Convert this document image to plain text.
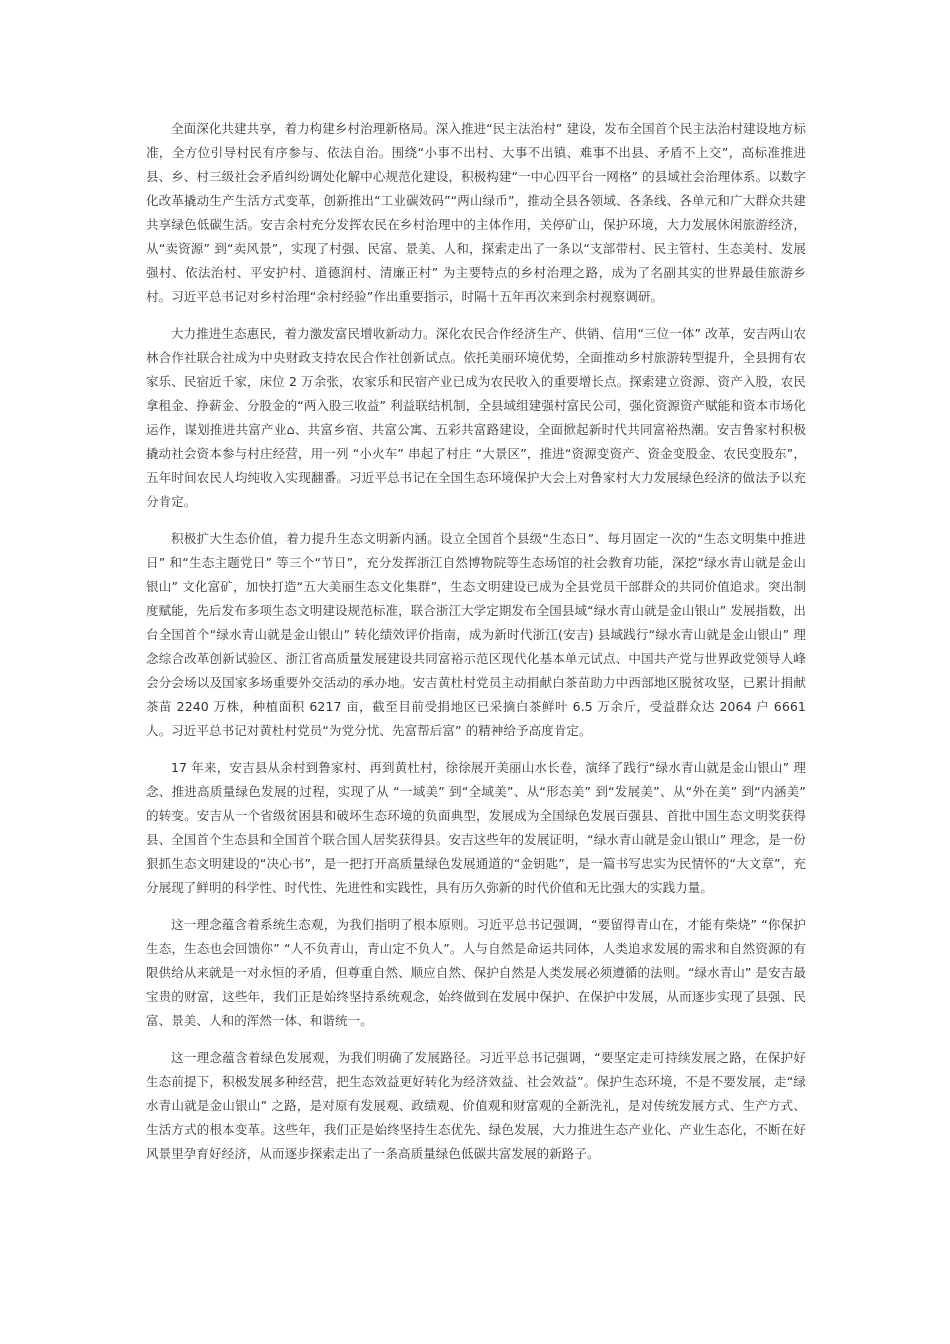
全面深化共建共享，着力构建乡村治理新格局。深入推进“民主法治村” 建设，发布全国首个民主法治村建设地方标准，全方位引导村民有序参与、依法自治。围绕“小事不出村、大事不出镇、难事不出县、矛盾不上交”，高标准推进县、乡、村三级社会矛盾纠纷调处化解中心规范化建设，积极构建“一中心四平台一网格” 的县域社会治理体系。以数字化改革撬动生产生活方式变革，创新推出“工业碳效码”“两山绿币”，推动全县各领域、各条线、各单元和广大群众共建共享绿色低碳生活。安吉余村充分发挥农民在乡村治理中的主体作用，关停矿山，保护环境，大力发展休闲旅游经济， 从“卖资源” 到“卖风景”，实现了村强、民富、景美、人和，探索走出了一条以“支部带村、民主管村、生态美村、发展强村、依法治村、平安护村、道德润村、清廉正村” 为主要特点的乡村治理之路，成为了名副其实的世界最佳旅游乡村。习近平总书记对乡村治理“余村经验”作出重要指示，时隔十五年再次来到余村视察调研。

大力推进生态惠民，着力激发富民增收新动力。深化农民合作经济生产、供销、信用“三位一体” 改革，安吉两山农林合作社联合社成为中央财政支持农民合作社创新试点。依托美丽环境优势，全面推动乡村旅游转型提升，全县拥有农家乐、民宿近千家，床位 2 万余张，农家乐和民宿产业已成为农民收入的重要增长点。探索建立资源、资产入股，农民拿租金、挣薪金、分股金的“两入股三收益” 利益联结机制，全县域组建强村富民公司，强化资源资产赋能和资本市场化运作，谋划推进共富产业⌂、共富乡宿、共富公寓、五彩共富路建设，全面掀起新时代共同富裕热潮。安吉鲁家村积极撬动社会资本参与村庄经营，用一列 “小火车” 串起了村庄 “大景区”，推进“资源变资产、资金变股金、农民变股东”， 五年时间农民人均纯收入实现翻番。习近平总书记在全国生态环境保护大会上对鲁家村大力发展绿色经济的做法予以充分肯定。

积极扩大生态价值，着力提升生态文明新内涵。设立全国首个县级“生态日”、每月固定一次的“生态文明集中推进日” 和“生态主题党日” 等三个“节日”，充分发挥浙江自然博物院等生态场馆的社会教育功能，深挖“绿水青山就是金山银山” 文化富矿，加快打造“五大美丽生态文化集群”，生态文明建设已成为全县党员干部群众的共同价值追求。突出制度赋能，先后发布多项生态文明建设规范标准，联合浙江大学定期发布全国县域“绿水青山就是金山银山” 发展指数，出台全国首个“绿水青山就是金山银山” 转化绩效评价指南，成为新时代浙江(安吉) 县域践行“绿水青山就是金山银山” 理念综合改革创新试验区、浙江省高质量发展建设共同富裕示范区现代化基本单元试点、中国共产党与世界政党领导人峰会分会场以及国家多场重要外交活动的承办地。安吉黄杜村党员主动捐献白茶苗助力中西部地区脱贫攻坚，已累计捐献茶苗 2240 万株，种植面积 6217 亩，截至目前受捐地区已采摘白茶鲜叶 6.5 万余斤，受益群众达 2064 户 6661 人。习近平总书记对黄杜村党员“为党分忧、先富帮后富” 的精神给予高度肯定。

17 年来，安吉县从余村到鲁家村、再到黄杜村，徐徐展开美丽山水长卷，演绎了践行“绿水青山就是金山银山” 理念、推进高质量绿色发展的过程，实现了从 “一域美” 到“全域美”、从“形态美” 到“发展美”、从“外在美” 到“内涵美” 的转变。安吉从一个省级贫困县和破坏生态环境的负面典型，发展成为全国绿色发展百强县、首批中国生态文明奖获得县、全国首个生态县和全国首个联合国人居奖获得县。安吉这些年的发展证明，“绿水青山就是金山银山” 理念，是一份狠抓生态文明建设的“决心书”，是一把打开高质量绿色发展通道的“金钥匙”，是一篇书写忠实为民情怀的“大文章”，充分展现了鲜明的科学性、时代性、先进性和实践性，具有历久弥新的时代价值和无比强大的实践力量。

这一理念蕴含着系统生态观，为我们指明了根本原则。习近平总书记强调，“要留得青山在，才能有柴烧” “你保护生态，生态也会回馈你” “人不负青山，青山定不负人”。人与自然是命运共同体，人类追求发展的需求和自然资源的有限供给从来就是一对永恒的矛盾，但尊重自然、顺应自然、保护自然是人类发展必须遵循的法则。“绿水青山” 是安吉最宝贵的财富，这些年，我们正是始终坚持系统观念，始终做到在发展中保护、在保护中发展，从而逐步实现了县强、民富、景美、人和的浑然一体、和谐统一。

这一理念蕴含着绿色发展观，为我们明确了发展路径。习近平总书记强调，“要坚定走可持续发展之路，在保护好生态前提下，积极发展多种经营，把生态效益更好转化为经济效益、社会效益”。保护生态环境，不是不要发展，走“绿水青山就是金山银山” 之路，是对原有发展观、政绩观、价值观和财富观的全新洗礼，是对传统发展方式、生产方式、生活方式的根本变革。这些年，我们正是始终坚持生态优先、绿色发展，大力推进生态产业化、产业生态化，不断在好风景里孕育好经济，从而逐步探索走出了一条高质量绿色低碳共富发展的新路子。
